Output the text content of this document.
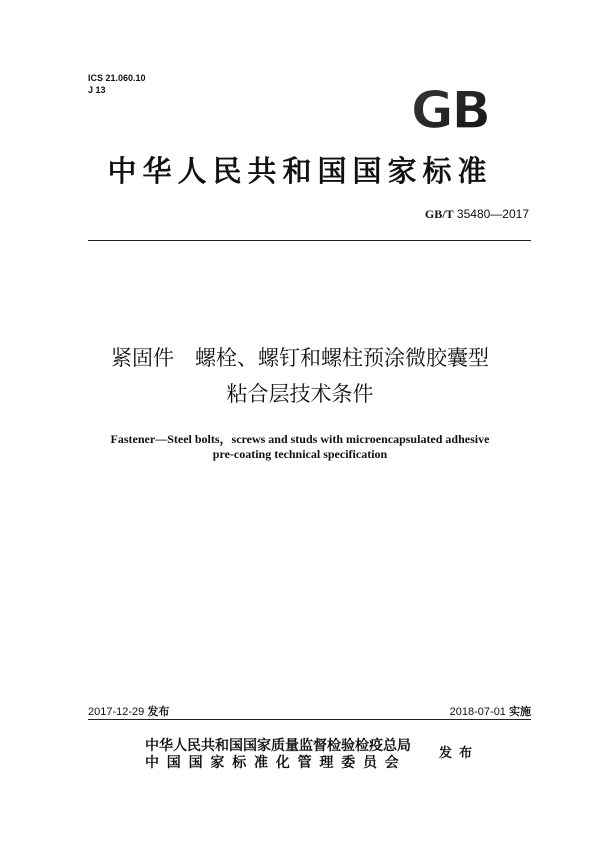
ICS 21.060.10
J 13	GB
中华人民共和国国家标准
GB/T 35480—2017
紧固件　螺栓、螺钉和螺柱预涂微胶囊型
粘合层技术条件
Fastener—Steel bolts，screws and studs with microencapsulated adhesive
pre-coating technical specification
2017-12-29 发布	2018-07-01 实施
中华人民共和国国家质量监督检验检疫总局
中国国家标准化管理委员会
发布
